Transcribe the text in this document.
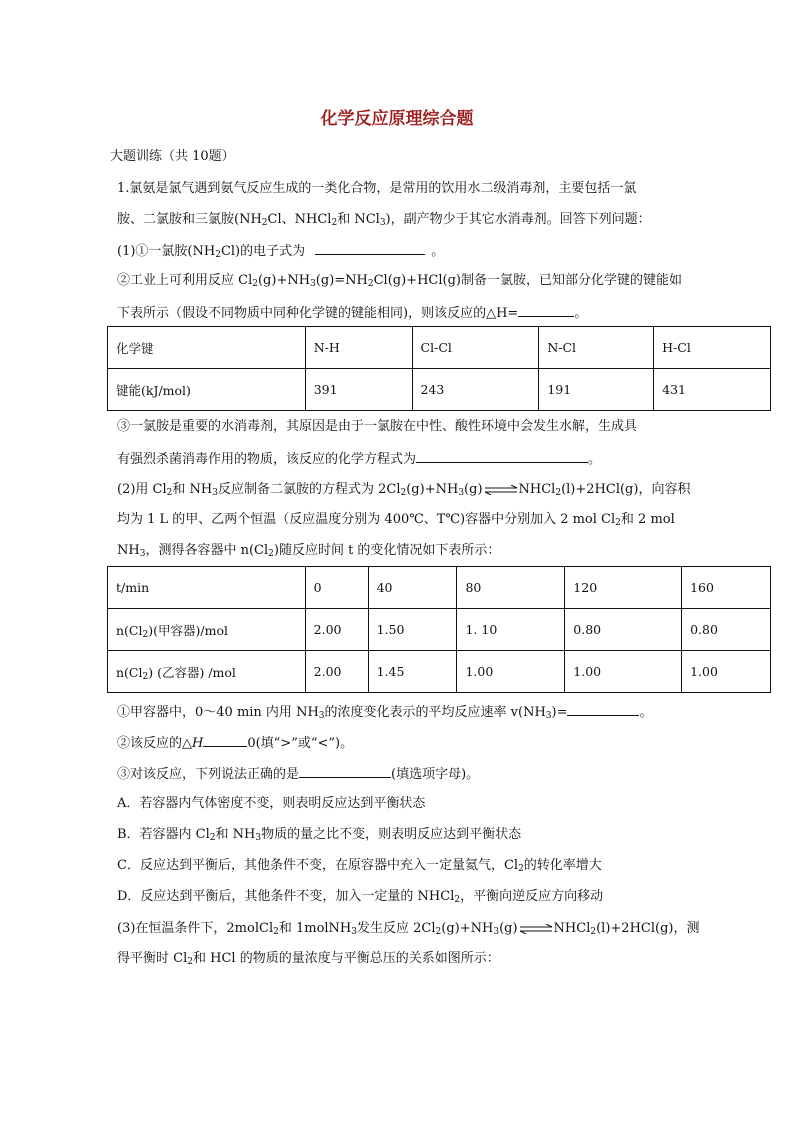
化学反应原理综合题
大题训练（共 10题）
1.氯氨是氯气遇到氨气反应生成的一类化合物，是常用的饮用水二级消毒剂，主要包括一氯
胺、二氯胺和三氯胺($NH_2Cl$、NHCl$_2$和 NCl$_3$)，副产物少于其它水消毒剂。回答下列问题：
(1)①一氯胺$(NH_2Cl)$的电子式为	。
②工业上可利用反应 $Cl_2(g)+NH_3(g)=NH_2Cl(g)+HCl(g)$制备一氯胺，已知部分化学键的键能如
下表所示（假设不同物质中同种化学键的键能相同)，则该反应的△H=	。
化学键	N-H	Cl-Cl	N-Cl	H-Cl
键能(kJ/mol)	391	243	191	431
③一氯胺是重要的水消毒剂，其原因是由于一氯胺在中性、酸性环境中会发生水解，生成具
有强烈杀菌消毒作用的物质，该反应的化学方程式为	。
(2)用 $Cl_2$和 $NH_3$反应制备二氯胺的方程式为 $2Cl_2(g)+NH_3(g)\rightleftharpoons NHCl_2(l)+2HCl(g)$，向容积
均为 1 L 的甲、乙两个恒温（反应温度分别为 400℃、T℃)容器中分别加入 2 mol $Cl_2$和 2 mol
$NH_3$，测得各容器中 $n(Cl_2)$随反应时间 t 的变化情况如下表所示：
t/min	0	40	80	120	160
$n(Cl_2)$(甲容器)/mol	2.00	1.50	1. 10	0.80	0.80
$n(Cl_2)$ (乙容器) /mol	2.00	1.45	1.00	1.00	1.00
①甲容器中，0～40 min 内用 $NH_3$的浓度变化表示的平均反应速率 $v(NH_3)=$	。
②该反应的△H	0(填“>”或“<”)。
③对该反应，下列说法正确的是	(填选项字母)。
A．若容器内气体密度不变，则表明反应达到平衡状态
B．若容器内 $Cl_2$和 $NH_3$物质的量之比不变，则表明反应达到平衡状态
C．反应达到平衡后，其他条件不变，在原容器中充入一定量氦气，$Cl_2$的转化率增大
D．反应达到平衡后，其他条件不变，加入一定量的 NHCl$_2$，平衡向逆反应方向移动
(3)在恒温条件下，2molCl$_2$和 1molNH$_3$发生反应 $2Cl_2(g)+NH_3(g)\rightleftharpoons NHCl_2(l)+2HCl(g)$，测
得平衡时 $Cl_2$和 HCl 的物质的量浓度与平衡总压的关系如图所示：
